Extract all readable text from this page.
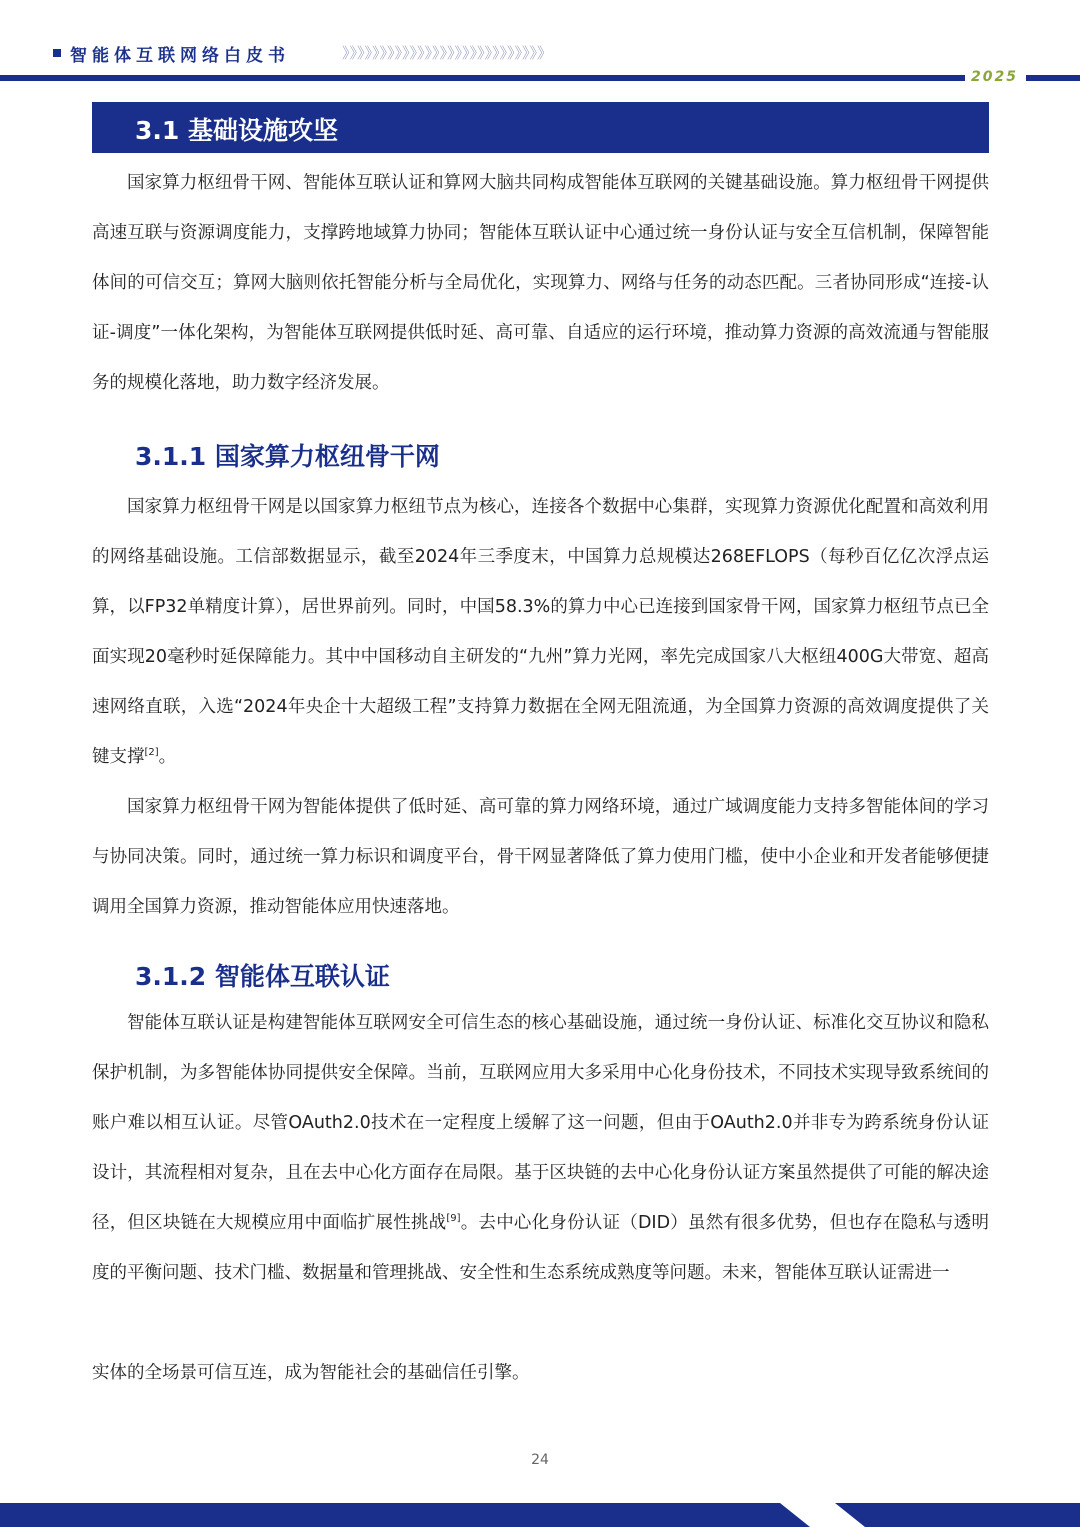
智能体互联网络白皮书	》》》》》》》》》》》》》》》》》》》》》》》》》》》
2025
3.1 基础设施攻坚

国家算力枢纽骨干网、智能体互联认证和算网大脑共同构成智能体互联网的关键基础设施。算力枢纽骨干网提供高速互联与资源调度能力，支撑跨地域算力协同；智能体互联认证中心通过统一身份认证与安全互信机制，保障智能体间的可信交互；算网大脑则依托智能分析与全局优化，实现算力、网络与任务的动态匹配。三者协同形成“连接-认证-调度”一体化架构，为智能体互联网提供低时延、高可靠、自适应的运行环境，推动算力资源的高效流通与智能服务的规模化落地，助力数字经济发展。

3.1.1 国家算力枢纽骨干网

国家算力枢纽骨干网是以国家算力枢纽节点为核心，连接各个数据中心集群，实现算力资源优化配置和高效利用的网络基础设施。工信部数据显示，截至2024年三季度末，中国算力总规模达268EFLOPS（每秒百亿亿次浮点运算，以FP32单精度计算），居世界前列。同时，中国58.3%的算力中心已连接到国家骨干网，国家算力枢纽节点已全面实现20毫秒时延保障能力。其中中国移动自主研发的“九州”算力光网，率先完成国家八大枢纽400G大带宽、超高速网络直联，入选“2024年央企十大超级工程”支持算力数据在全网无阻流通，为全国算力资源的高效调度提供了关键支撑[2]。

国家算力枢纽骨干网为智能体提供了低时延、高可靠的算力网络环境，通过广域调度能力支持多智能体间的学习与协同决策。同时，通过统一算力标识和调度平台，骨干网显著降低了算力使用门槛，使中小企业和开发者能够便捷调用全国算力资源，推动智能体应用快速落地。

3.1.2 智能体互联认证

智能体互联认证是构建智能体互联网安全可信生态的核心基础设施，通过统一身份认证、标准化交互协议和隐私保护机制，为多智能体协同提供安全保障。当前，互联网应用大多采用中心化身份技术，不同技术实现导致系统间的账户难以相互认证。尽管OAuth2.0技术在一定程度上缓解了这一问题，但由于OAuth2.0并非专为跨系统身份认证设计，其流程相对复杂，且在去中心化方面存在局限。基于区块链的去中心化身份认证方案虽然提供了可能的解决途径，但区块链在大规模应用中面临扩展性挑战[9]。去中心化身份认证（DID）虽然有很多优势，但也存在隐私与透明度的平衡问题、技术门槛、数据量和管理挑战、安全性和生态系统成熟度等问题。未来，智能体互联认证需进一

实体的全场景可信互连，成为智能社会的基础信任引擎。

24
